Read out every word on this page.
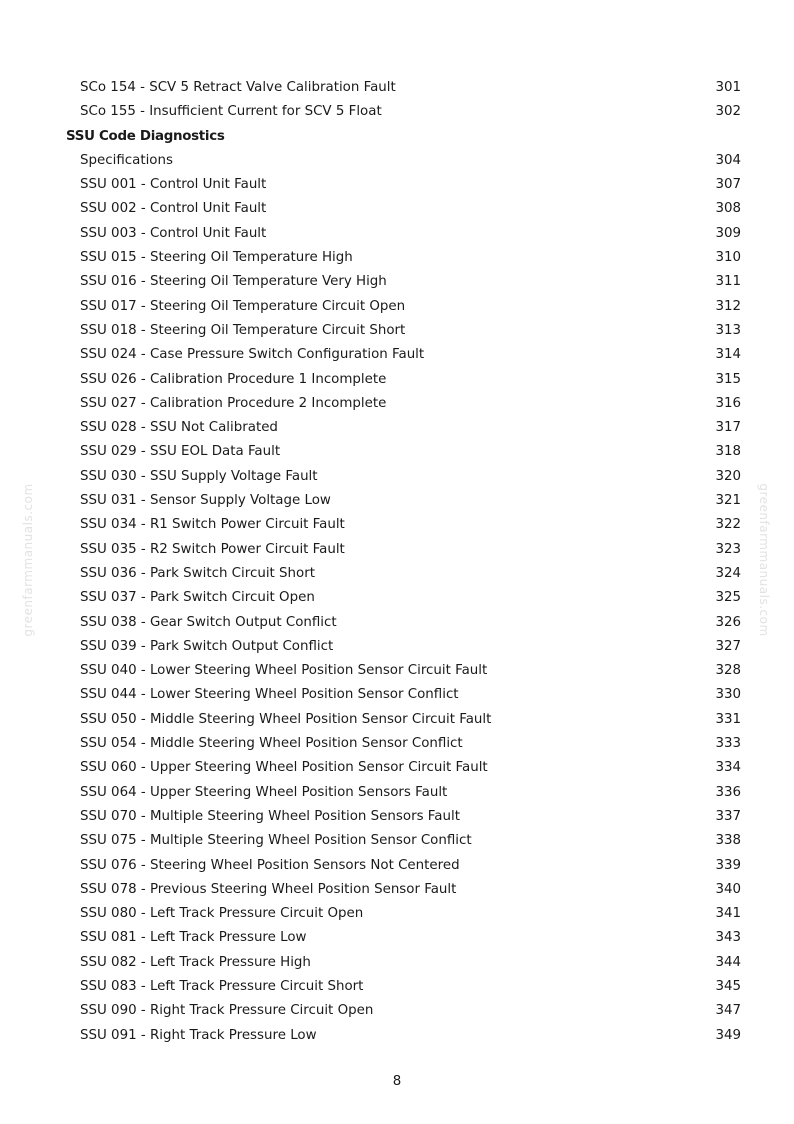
greenfarmmanuals.com	greenfarmmanuals.com
SCo 154 - SCV 5 Retract Valve Calibration Fault	301
SCo 155 - Insufficient Current for SCV 5 Float	302
SSU Code Diagnostics
Specifications	304
SSU 001 - Control Unit Fault	307
SSU 002 - Control Unit Fault	308
SSU 003 - Control Unit Fault	309
SSU 015 - Steering Oil Temperature High	310
SSU 016 - Steering Oil Temperature Very High	311
SSU 017 - Steering Oil Temperature Circuit Open	312
SSU 018 - Steering Oil Temperature Circuit Short	313
SSU 024 - Case Pressure Switch Configuration Fault	314
SSU 026 - Calibration Procedure 1 Incomplete	315
SSU 027 - Calibration Procedure 2 Incomplete	316
SSU 028 - SSU Not Calibrated	317
SSU 029 - SSU EOL Data Fault	318
SSU 030 - SSU Supply Voltage Fault	320
SSU 031 - Sensor Supply Voltage Low	321
SSU 034 - R1 Switch Power Circuit Fault	322
SSU 035 - R2 Switch Power Circuit Fault	323
SSU 036 - Park Switch Circuit Short	324
SSU 037 - Park Switch Circuit Open	325
SSU 038 - Gear Switch Output Conflict	326
SSU 039 - Park Switch Output Conflict	327
SSU 040 - Lower Steering Wheel Position Sensor Circuit Fault	328
SSU 044 - Lower Steering Wheel Position Sensor Conflict	330
SSU 050 - Middle Steering Wheel Position Sensor Circuit Fault	331
SSU 054 - Middle Steering Wheel Position Sensor Conflict	333
SSU 060 - Upper Steering Wheel Position Sensor Circuit Fault	334
SSU 064 - Upper Steering Wheel Position Sensors Fault	336
SSU 070 - Multiple Steering Wheel Position Sensors Fault	337
SSU 075 - Multiple Steering Wheel Position Sensor Conflict	338
SSU 076 - Steering Wheel Position Sensors Not Centered	339
SSU 078 - Previous Steering Wheel Position Sensor Fault	340
SSU 080 - Left Track Pressure Circuit Open	341
SSU 081 - Left Track Pressure Low	343
SSU 082 - Left Track Pressure High	344
SSU 083 - Left Track Pressure Circuit Short	345
SSU 090 - Right Track Pressure Circuit Open	347
SSU 091 - Right Track Pressure Low	349
8
